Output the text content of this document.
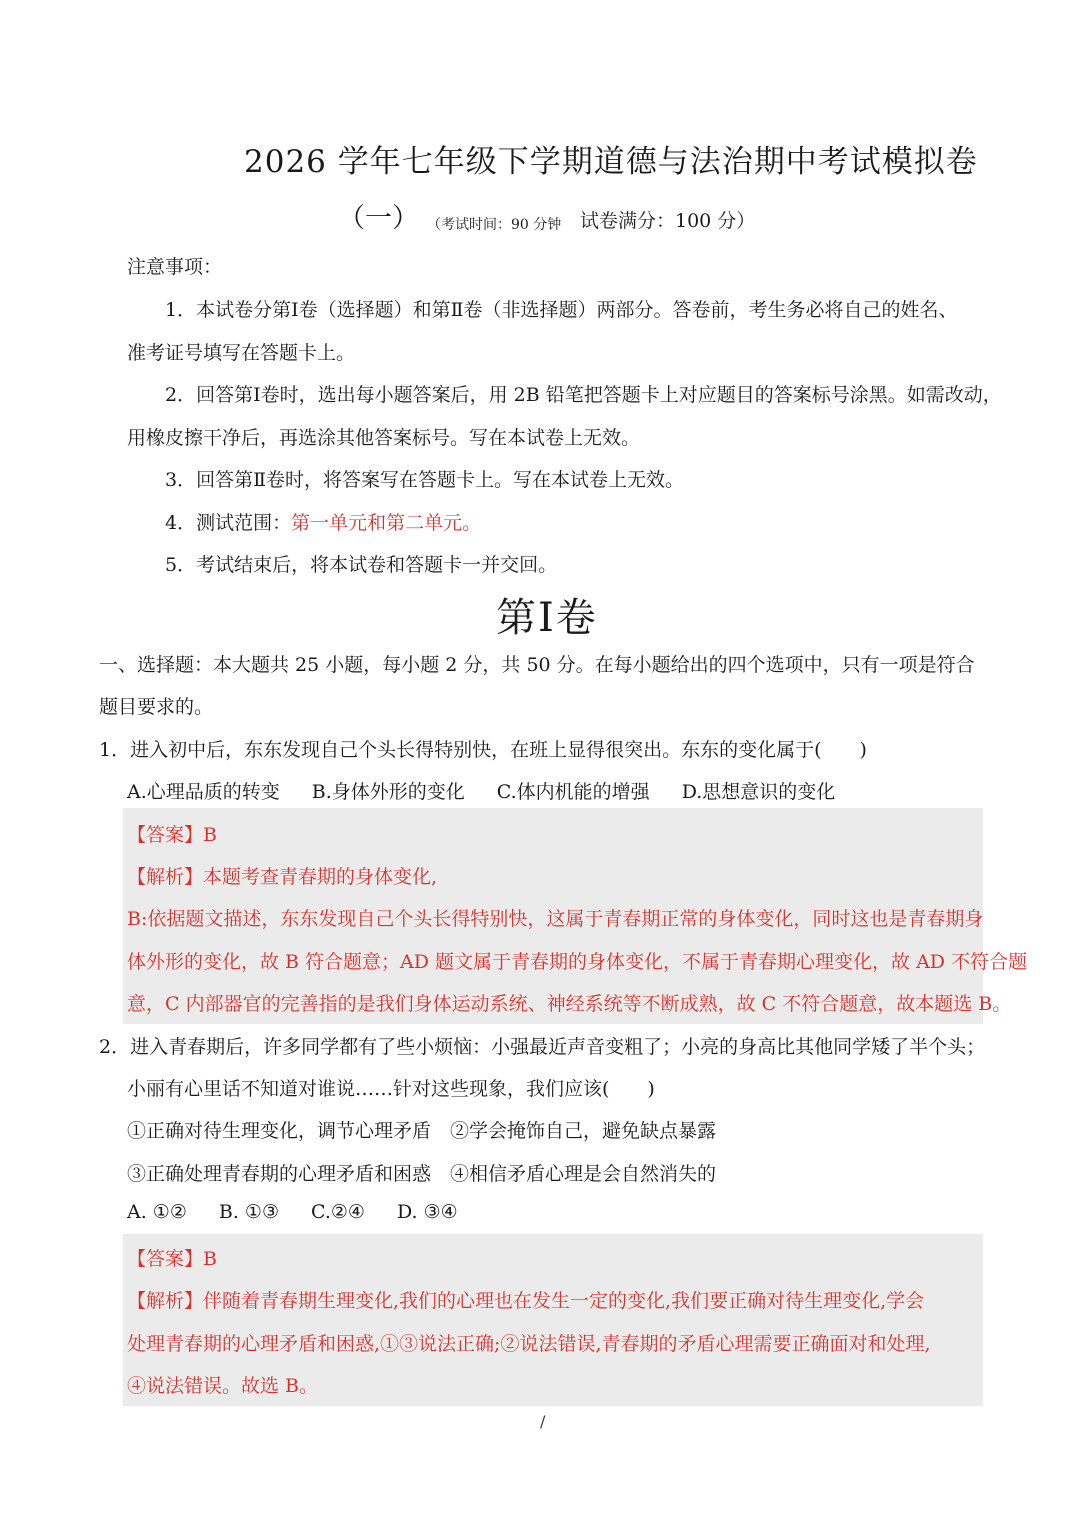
2026 学年七年级下学期道德与法治期中考试模拟卷
（一） （考试时间：90 分钟 试卷满分：100 分）
注意事项：
1．本试卷分第Ⅰ卷（选择题）和第Ⅱ卷（非选择题）两部分。答卷前，考生务必将自己的姓名、
准考证号填写在答题卡上。
2．回答第Ⅰ卷时，选出每小题答案后，用 2B 铅笔把答题卡上对应题目的答案标号涂黑。如需改动，
用橡皮擦干净后，再选涂其他答案标号。写在本试卷上无效。
3．回答第Ⅱ卷时，将答案写在答题卡上。写在本试卷上无效。
4．测试范围：第一单元和第二单元。
5．考试结束后，将本试卷和答题卡一并交回。
第Ⅰ卷
一、选择题：本大题共 25 小题，每小题 2 分，共 50 分。在每小题给出的四个选项中，只有一项是符合
题目要求的。
1．进入初中后，东东发现自己个头长得特别快，在班上显得很突出。东东的变化属于(　　)
A.心理品质的转变 B.身体外形的变化 C.体内机能的增强 D.思想意识的变化
【答案】B
【解析】本题考查青春期的身体变化,
B:依据题文描述，东东发现自己个头长得特别快，这属于青春期正常的身体变化，同时这也是青春期身
体外形的变化，故 B 符合题意；AD 题文属于青春期的身体变化，不属于青春期心理变化，故 AD 不符合题
意，C 内部器官的完善指的是我们身体运动系统、神经系统等不断成熟，故 C 不符合题意，故本题选 B。
2．进入青春期后，许多同学都有了些小烦恼：小强最近声音变粗了；小亮的身高比其他同学矮了半个头；
小丽有心里话不知道对谁说……针对这些现象，我们应该(　　)
①正确对待生理变化，调节心理矛盾　②学会掩饰自己，避免缺点暴露
③正确处理青春期的心理矛盾和困惑　④相信矛盾心理是会自然消失的
A. ①② B. ①③ C.②④ D. ③④
【答案】B
【解析】伴随着青春期生理变化,我们的心理也在发生一定的变化,我们要正确对待生理变化,学会
处理青春期的心理矛盾和困惑,①③说法正确;②说法错误,青春期的矛盾心理需要正确面对和处理,
④说法错误。故选 B。
/
